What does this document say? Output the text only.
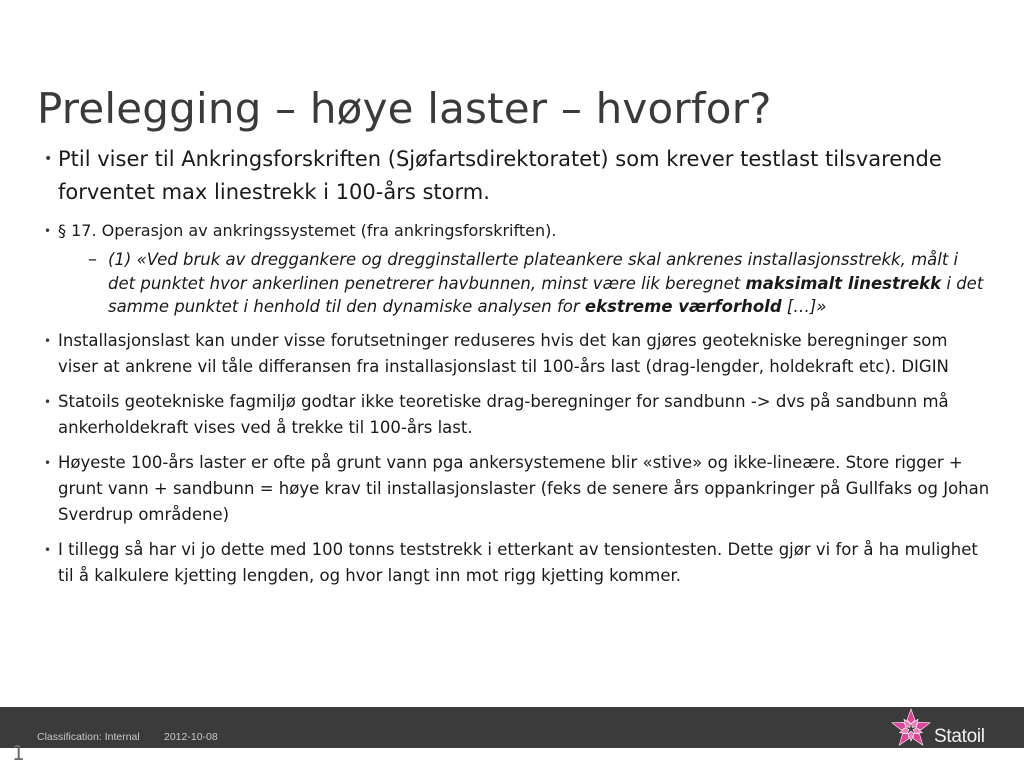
Prelegging – høye laster – hvorfor?
• Ptil viser til Ankringsforskriften (Sjøfartsdirektoratet) som krever testlast tilsvarende forventet max linestrekk i 100-års storm.
• § 17. Operasjon av ankringssystemet (fra ankringsforskriften).
– (1) «Ved bruk av dreggankere og dregginstallerte plateankere skal ankrenes installasjonsstrekk, målt i det punktet hvor ankerlinen penetrerer havbunnen, minst være lik beregnet maksimalt linestrekk i det samme punktet i henhold til den dynamiske analysen for ekstreme værforhold […]»
• Installasjonslast kan under visse forutsetninger reduseres hvis det kan gjøres geotekniske beregninger som viser at ankrene vil tåle differansen fra installasjonslast til 100-års last (drag-lengder, holdekraft etc). DIGIN
• Statoils geotekniske fagmiljø godtar ikke teoretiske drag-beregninger for sandbunn -> dvs på sandbunn må ankerholdekraft vises ved å trekke til 100-års last.
• Høyeste 100-års laster er ofte på grunt vann pga ankersystemene blir «stive» og ikke-lineære. Store rigger + grunt vann + sandbunn = høye krav til installasjonslaster (feks de senere års oppankringer på Gullfaks og Johan Sverdrup områdene)
• I tillegg så har vi jo dette med 100 tonns teststrekk i etterkant av tensiontesten. Dette gjør vi for å ha mulighet til å kalkulere kjetting lengden, og hvor langt inn mot rigg kjetting kommer.
Classification: Internal 2012-10-08
1
Statoil
